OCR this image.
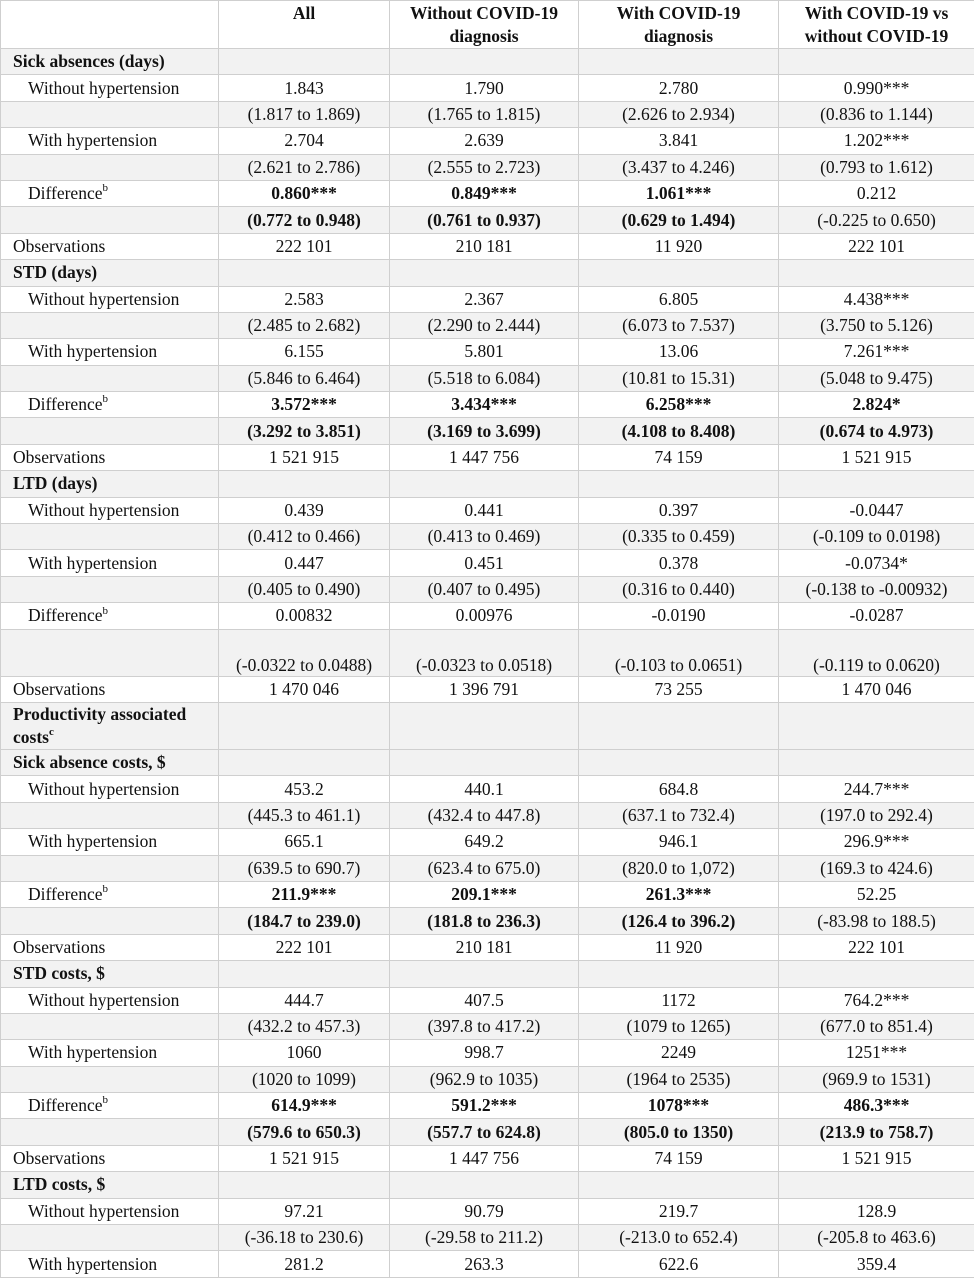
	All	Without COVID-19 diagnosis	With COVID-19 diagnosis	With COVID-19 vs without COVID-19
Sick absences (days)				
Without hypertension	1.843	1.790	2.780	0.990***
	(1.817 to 1.869)	(1.765 to 1.815)	(2.626 to 2.934)	(0.836 to 1.144)
With hypertension	2.704	2.639	3.841	1.202***
	(2.621 to 2.786)	(2.555 to 2.723)	(3.437 to 4.246)	(0.793 to 1.612)
Difference$^b$	0.860***	0.849***	1.061***	0.212
	(0.772 to 0.948)	(0.761 to 0.937)	(0.629 to 1.494)	(-0.225 to 0.650)
Observations	222 101	210 181	11 920	222 101
STD (days)				
Without hypertension	2.583	2.367	6.805	4.438***
	(2.485 to 2.682)	(2.290 to 2.444)	(6.073 to 7.537)	(3.750 to 5.126)
With hypertension	6.155	5.801	13.06	7.261***
	(5.846 to 6.464)	(5.518 to 6.084)	(10.81 to 15.31)	(5.048 to 9.475)
Difference$^b$	3.572***	3.434***	6.258***	2.824*
	(3.292 to 3.851)	(3.169 to 3.699)	(4.108 to 8.408)	(0.674 to 4.973)
Observations	1 521 915	1 447 756	74 159	1 521 915
LTD (days)				
Without hypertension	0.439	0.441	0.397	-0.0447
	(0.412 to 0.466)	(0.413 to 0.469)	(0.335 to 0.459)	(-0.109 to 0.0198)
With hypertension	0.447	0.451	0.378	-0.0734*
	(0.405 to 0.490)	(0.407 to 0.495)	(0.316 to 0.440)	(-0.138 to -0.00932)
Difference$^b$	0.00832	0.00976	-0.0190	-0.0287
	(-0.0322 to 0.0488)	(-0.0323 to 0.0518)	(-0.103 to 0.0651)	(-0.119 to 0.0620)
Observations	1 470 046	1 396 791	73 255	1 470 046
Productivity associated costs$^c$				
Sick absence costs, $				
Without hypertension	453.2	440.1	684.8	244.7***
	(445.3 to 461.1)	(432.4 to 447.8)	(637.1 to 732.4)	(197.0 to 292.4)
With hypertension	665.1	649.2	946.1	296.9***
	(639.5 to 690.7)	(623.4 to 675.0)	(820.0 to 1,072)	(169.3 to 424.6)
Difference$^b$	211.9***	209.1***	261.3***	52.25
	(184.7 to 239.0)	(181.8 to 236.3)	(126.4 to 396.2)	(-83.98 to 188.5)
Observations	222 101	210 181	11 920	222 101
STD costs, $				
Without hypertension	444.7	407.5	1172	764.2***
	(432.2 to 457.3)	(397.8 to 417.2)	(1079 to 1265)	(677.0 to 851.4)
With hypertension	1060	998.7	2249	1251***
	(1020 to 1099)	(962.9 to 1035)	(1964 to 2535)	(969.9 to 1531)
Difference$^b$	614.9***	591.2***	1078***	486.3***
	(579.6 to 650.3)	(557.7 to 624.8)	(805.0 to 1350)	(213.9 to 758.7)
Observations	1 521 915	1 447 756	74 159	1 521 915
LTD costs, $				
Without hypertension	97.21	90.79	219.7	128.9
	(-36.18 to 230.6)	(-29.58 to 211.2)	(-213.0 to 652.4)	(-205.8 to 463.6)
With hypertension	281.2	263.3	622.6	359.4
